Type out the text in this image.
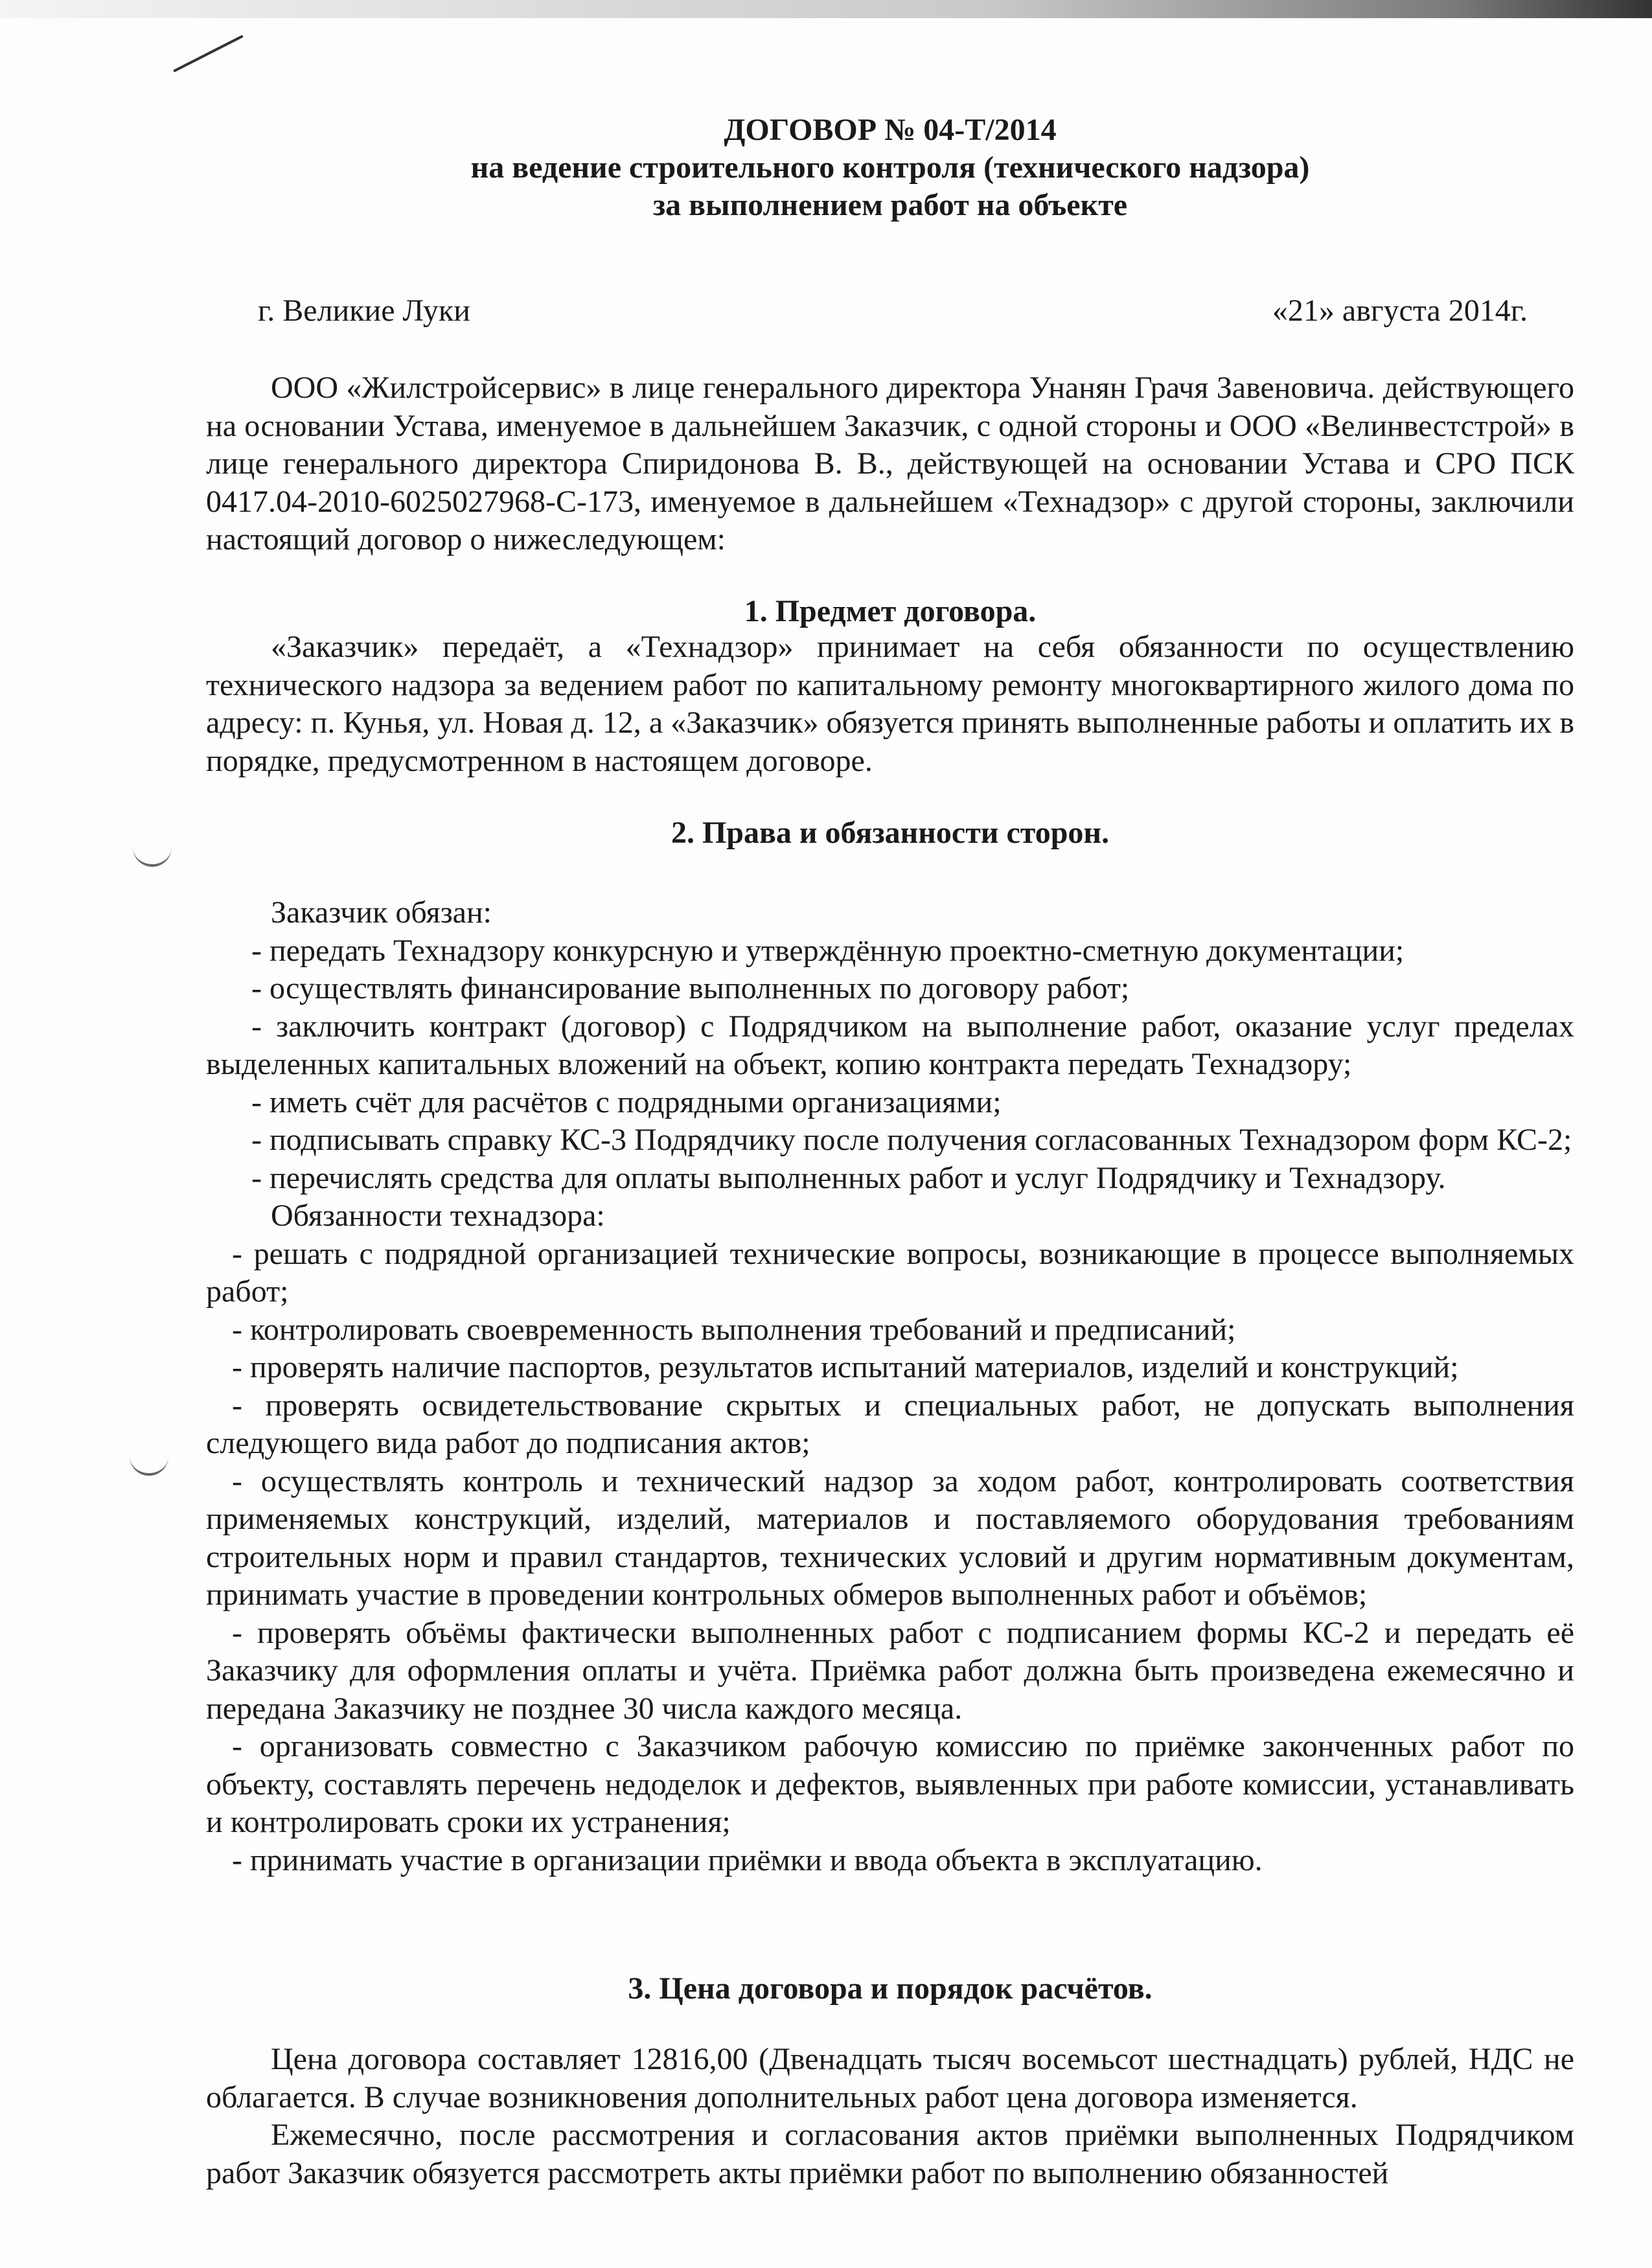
ДОГОВОР № 04-Т/2014

на ведение строительного контроля (технического надзора)

за выполнением работ на объекте

г. Великие Луки	«21» августа 2014г.

ООО «Жилстройсервис» в лице генерального директора Унанян Грачя Завеновича. действующего на основании Устава, именуемое в дальнейшем Заказчик, с одной стороны и ООО «Велинвестстрой» в лице генерального директора Спиридонова В. В., действующей на основании Устава и СРО ПСК 0417.04-2010-6025027968-С-173, именуемое в дальнейшем «Технадзор» с другой стороны, заключили настоящий договор о нижеследующем:

1. Предмет договора.

«Заказчик» передаёт, а «Технадзор» принимает на себя обязанности по осуществлению технического надзора за ведением работ по капитальному ремонту многоквартирного жилого дома по адресу: п. Кунья, ул. Новая д. 12, а «Заказчик» обязуется принять выполненные работы и оплатить их в порядке, предусмотренном в настоящем договоре.

2. Права и обязанности сторон.

Заказчик обязан:

- передать Технадзору конкурсную и утверждённую проектно-сметную документации;

- осуществлять финансирование выполненных по договору работ;

- заключить контракт (договор) с Подрядчиком на выполнение работ, оказание услуг пределах выделенных капитальных вложений на объект, копию контракта передать Технадзору;

- иметь счёт для расчётов с подрядными организациями;

- подписывать справку КС-3 Подрядчику после получения согласованных Технадзором форм КС-2;

- перечислять средства для оплаты выполненных работ и услуг Подрядчику и Технадзору.

Обязанности технадзора:

- решать с подрядной организацией технические вопросы, возникающие в процессе выполняемых работ;

- контролировать своевременность выполнения требований и предписаний;

- проверять наличие паспортов, результатов испытаний материалов, изделий и конструкций;

- проверять освидетельствование скрытых и специальных работ, не допускать выполнения следующего вида работ до подписания актов;

- осуществлять контроль и технический надзор за ходом работ, контролировать соответствия применяемых конструкций, изделий, материалов и поставляемого оборудования требованиям строительных норм и правил стандартов, технических условий и другим нормативным документам, принимать участие в проведении контрольных обмеров выполненных работ и объёмов;

- проверять объёмы фактически выполненных работ с подписанием формы КС-2 и передать её Заказчику для оформления оплаты и учёта. Приёмка работ должна быть произведена ежемесячно и передана Заказчику не позднее 30 числа каждого месяца.

- организовать совместно с Заказчиком рабочую комиссию по приёмке законченных работ по объекту, составлять перечень недоделок и дефектов, выявленных при работе комиссии, устанавливать и контролировать сроки их устранения;

- принимать участие в организации приёмки и ввода объекта в эксплуатацию.

3. Цена договора и порядок расчётов.

Цена договора составляет 12816,00 (Двенадцать тысяч восемьсот шестнадцать) рублей, НДС не облагается. В случае возникновения дополнительных работ цена договора изменяется.

Ежемесячно, после рассмотрения и согласования актов приёмки выполненных Подрядчиком работ Заказчик обязуется рассмотреть акты приёмки работ по выполнению обязанностей
